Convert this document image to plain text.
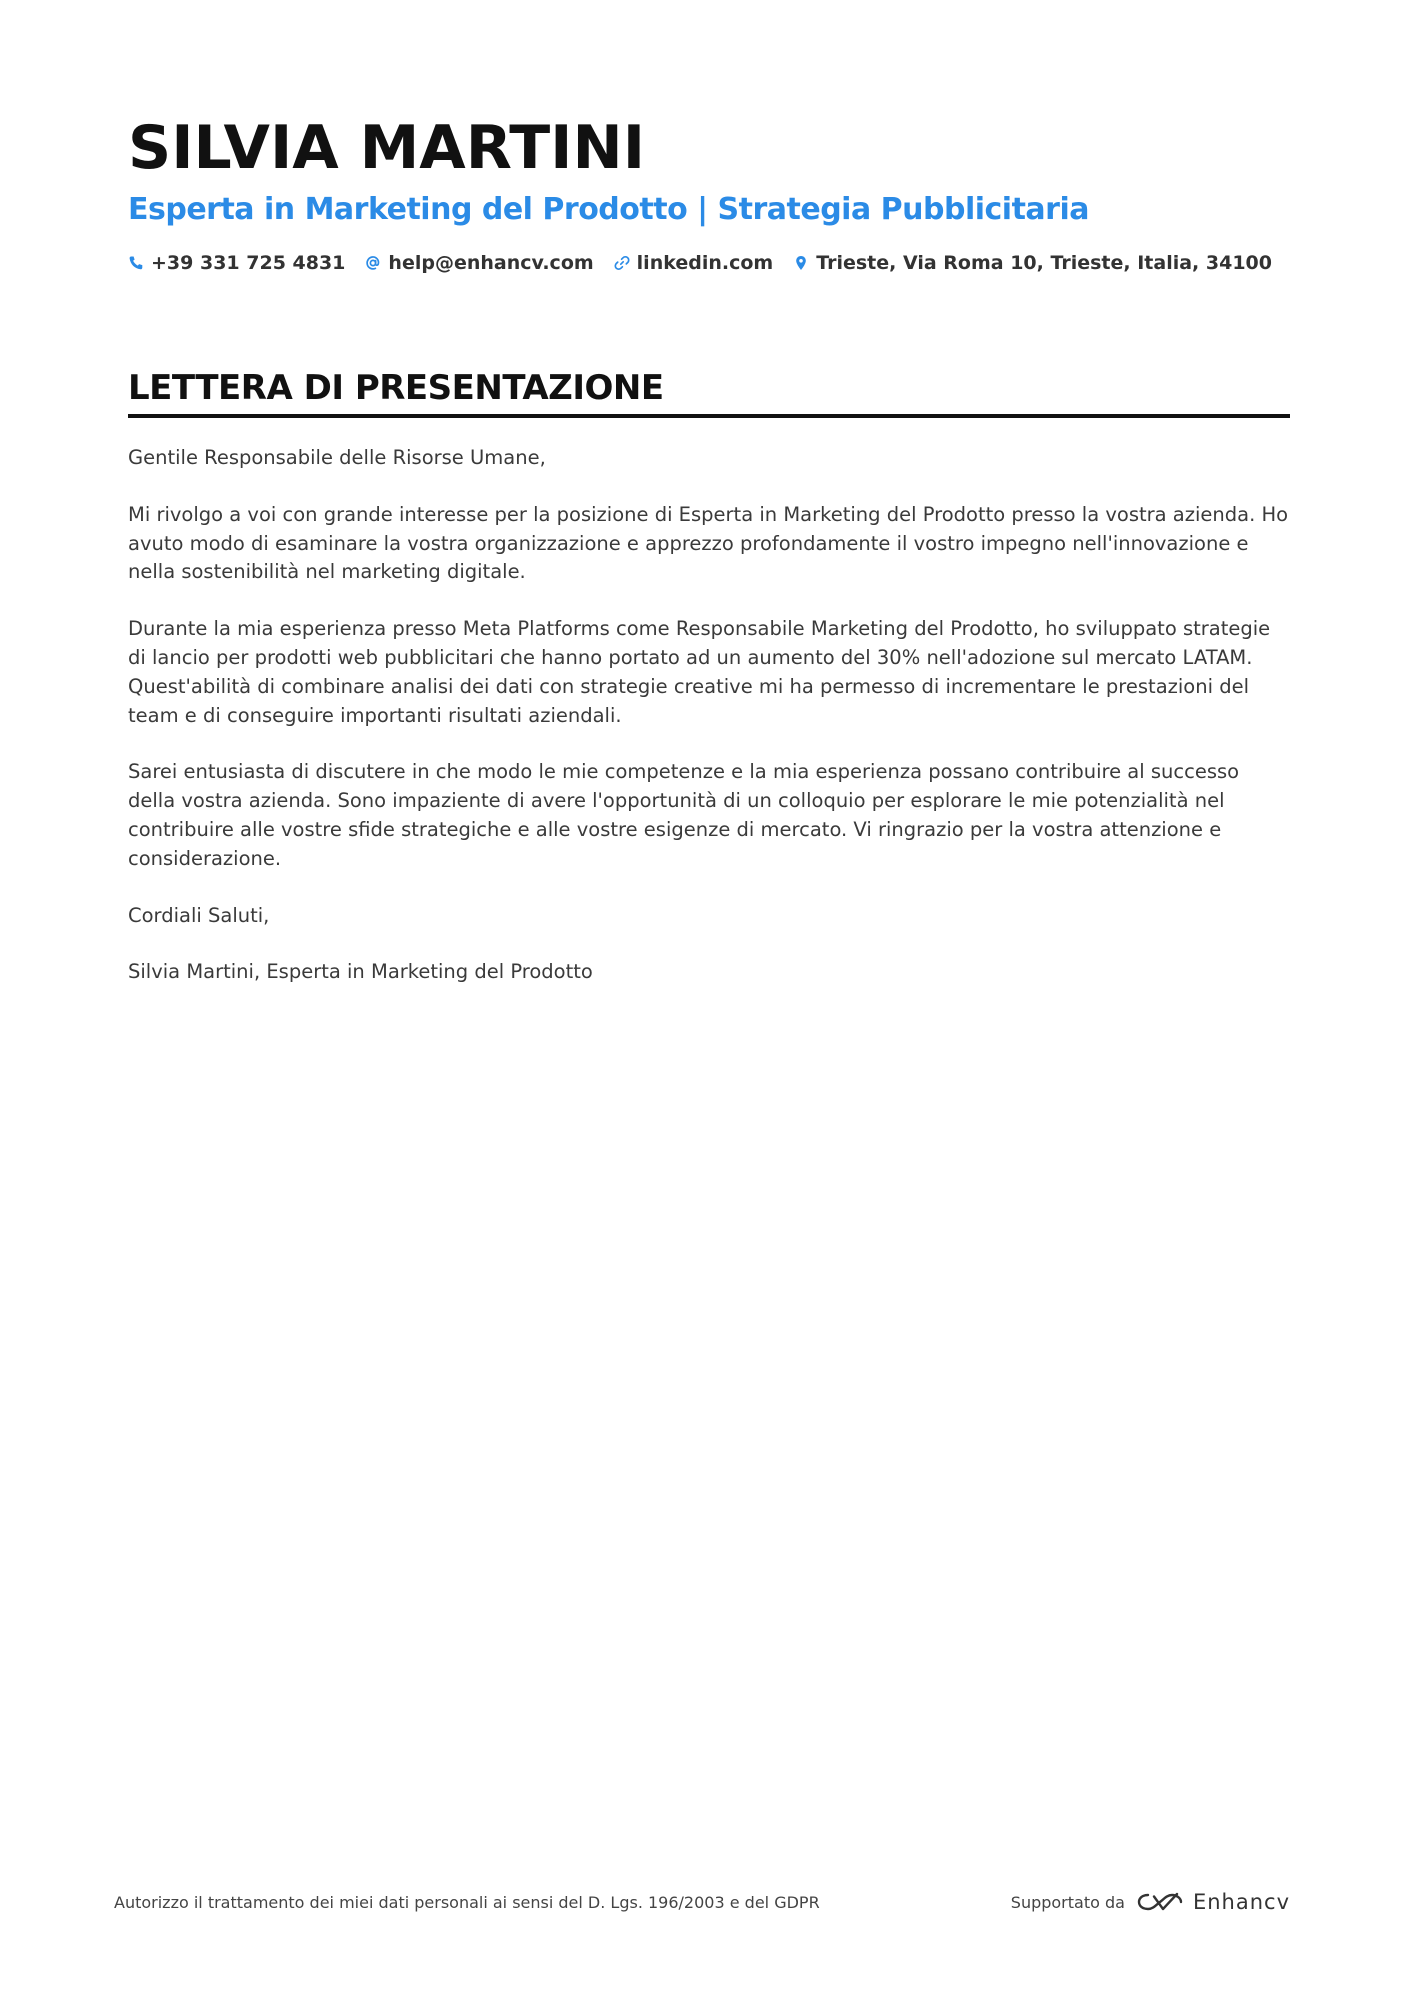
SILVIA MARTINI
Esperta in Marketing del Prodotto | Strategia Pubblicitaria
+39 331 725 4831 help@enhancv.com linkedin.com Trieste, Via Roma 10, Trieste, Italia, 34100
LETTERA DI PRESENTAZIONE

Gentile Responsabile delle Risorse Umane,

Mi rivolgo a voi con grande interesse per la posizione di Esperta in Marketing del Prodotto presso la vostra azienda. Ho avuto modo di esaminare la vostra organizzazione e apprezzo profondamente il vostro impegno nell'innovazione e nella sostenibilità nel marketing digitale.

Durante la mia esperienza presso Meta Platforms come Responsabile Marketing del Prodotto, ho sviluppato strategie di lancio per prodotti web pubblicitari che hanno portato ad un aumento del 30% nell'adozione sul mercato LATAM. Quest'abilità di combinare analisi dei dati con strategie creative mi ha permesso di incrementare le prestazioni del team e di conseguire importanti risultati aziendali.

Sarei entusiasta di discutere in che modo le mie competenze e la mia esperienza possano contribuire al successo della vostra azienda. Sono impaziente di avere l'opportunità di un colloquio per esplorare le mie potenzialità nel contribuire alle vostre sfide strategiche e alle vostre esigenze di mercato. Vi ringrazio per la vostra attenzione e considerazione.

Cordiali Saluti,

Silvia Martini, Esperta in Marketing del Prodotto

Autorizzo il trattamento dei miei dati personali ai sensi del D. Lgs. 196/2003 e del GDPR	Supportato da	Enhancv
